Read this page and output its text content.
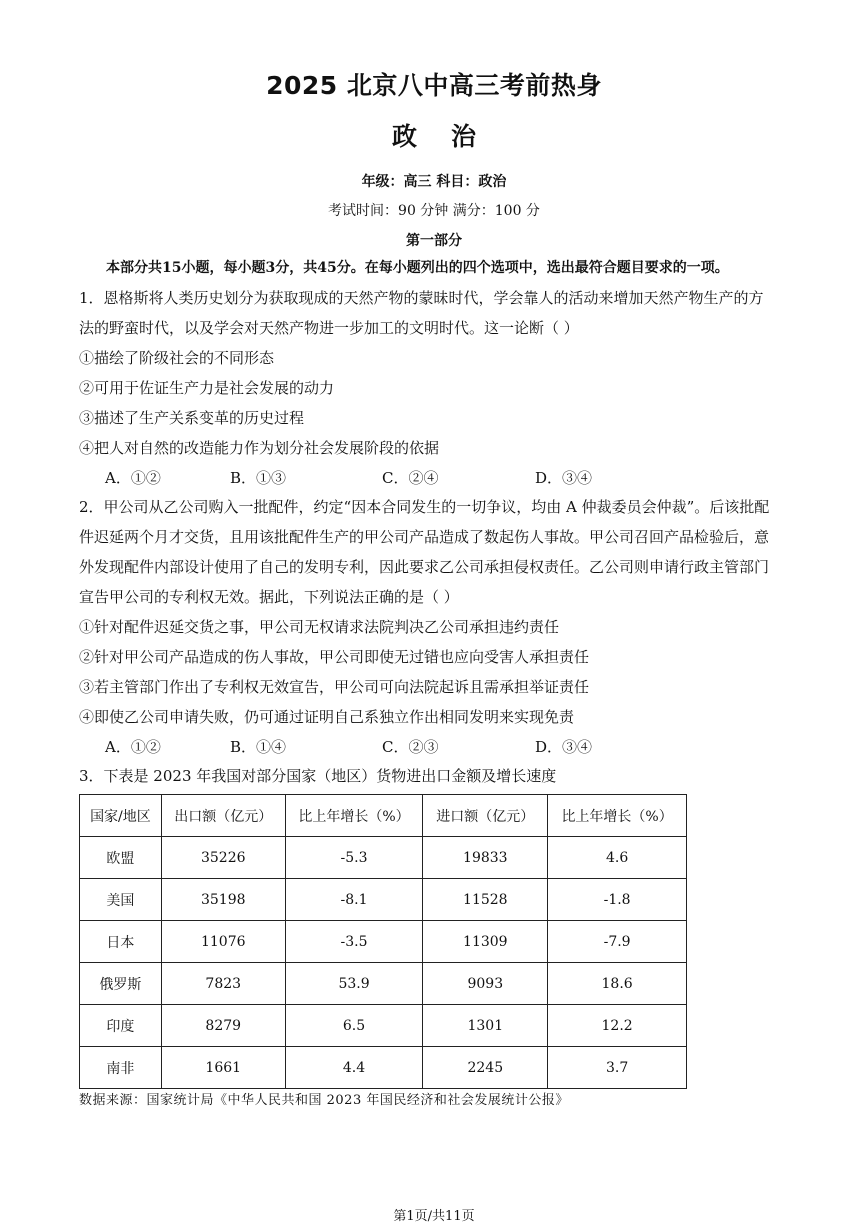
2025 北京八中高三考前热身
政治
年级：高三 科目：政治
考试时间：90 分钟 满分：100 分
第一部分
本部分共15小题，每小题3分，共45分。在每小题列出的四个选项中，选出最符合题目要求的一项。
1．恩格斯将人类历史划分为获取现成的天然产物的蒙昧时代，学会靠人的活动来增加天然产物生产的方
法的野蛮时代，以及学会对天然产物进一步加工的文明时代。这一论断（ ）
①描绘了阶级社会的不同形态
②可用于佐证生产力是社会发展的动力
③描述了生产关系变革的历史过程
④把人对自然的改造能力作为划分社会发展阶段的依据
A．①②	B．①③	C．②④	D．③④
2．甲公司从乙公司购入一批配件，约定“因本合同发生的一切争议，均由 A 仲裁委员会仲裁”。后该批配
件迟延两个月才交货，且用该批配件生产的甲公司产品造成了数起伤人事故。甲公司召回产品检验后，意
外发现配件内部设计使用了自己的发明专利，因此要求乙公司承担侵权责任。乙公司则申请行政主管部门
宣告甲公司的专利权无效。据此，下列说法正确的是（ ）
①针对配件迟延交货之事，甲公司无权请求法院判决乙公司承担违约责任
②针对甲公司产品造成的伤人事故，甲公司即使无过错也应向受害人承担责任
③若主管部门作出了专利权无效宣告，甲公司可向法院起诉且需承担举证责任
④即使乙公司申请失败，仍可通过证明自己系独立作出相同发明来实现免责
A．①②	B．①④	C．②③	D．③④
3．下表是 2023 年我国对部分国家（地区）货物进出口金额及增长速度
国家/地区	出口额（亿元）	比上年增长（%）	进口额（亿元）	比上年增长（%）
欧盟	35226	-5.3	19833	4.6
美国	35198	-8.1	11528	-1.8
日本	11076	-3.5	11309	-7.9
俄罗斯	7823	53.9	9093	18.6
印度	8279	6.5	1301	12.2
南非	1661	4.4	2245	3.7
数据来源：国家统计局《中华人民共和国 2023 年国民经济和社会发展统计公报》
第1页/共11页
